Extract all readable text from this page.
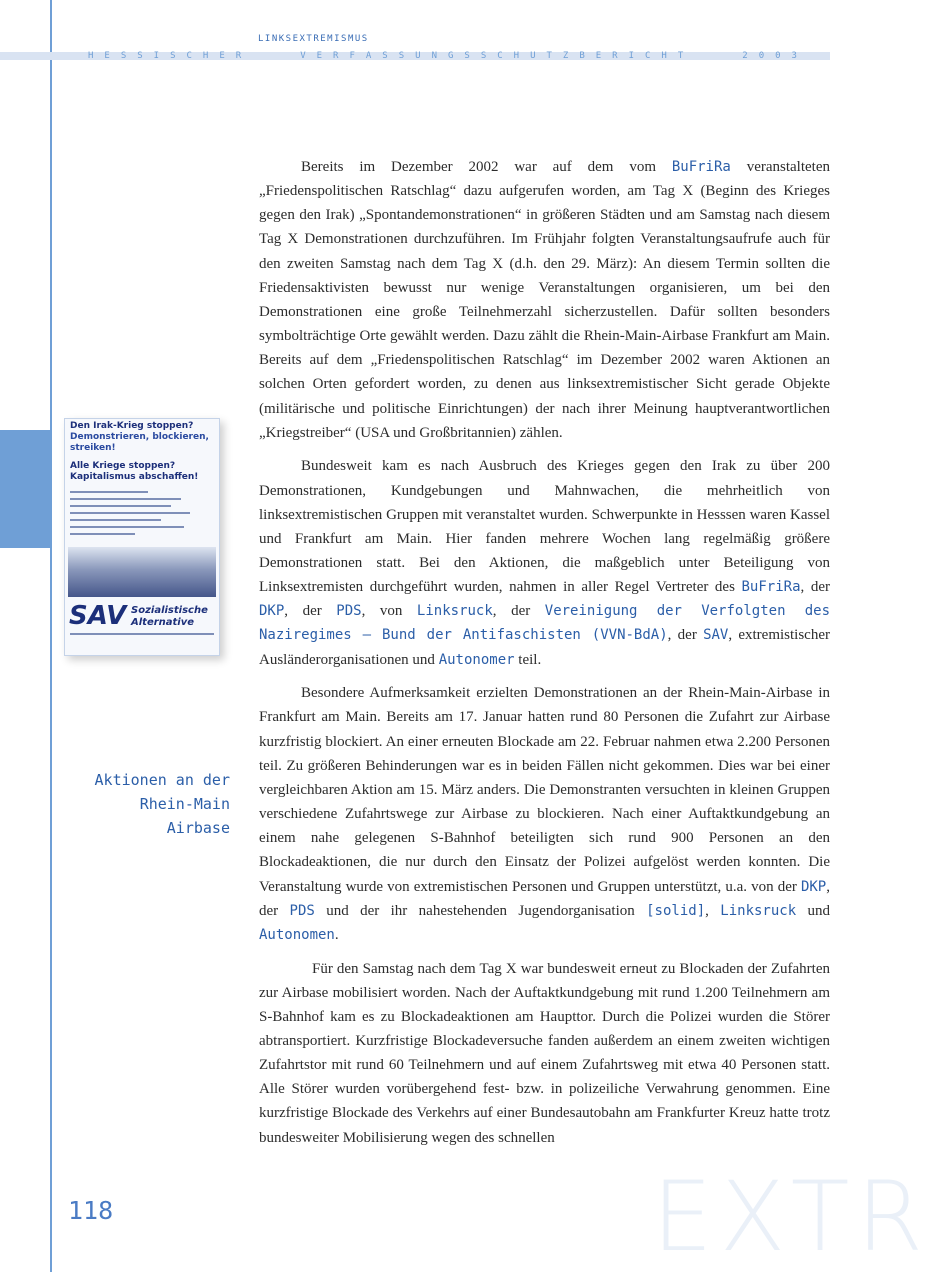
LINKSEXTREMISMUS
HESSISCHER	VERFASSUNGSSCHUTZBERICHT	2003
Den Irak-Krieg stoppen?
Demonstrieren, blockieren, streiken!
Alle Kriege stoppen? Kapitalismus abschaffen!
SAV Sozialistische Alternative
Aktionen an der Rhein-Main Airbase

Bereits im Dezember 2002 war auf dem vom BuFriRa veranstalteten „Friedenspolitischen Ratschlag“ dazu aufgerufen worden, am Tag X (Beginn des Krieges gegen den Irak) „Spontandemonstrationen“ in größeren Städten und am Samstag nach diesem Tag X Demonstrationen durchzuführen. Im Frühjahr folgten Veranstaltungsaufrufe auch für den zweiten Samstag nach dem Tag X (d.h. den 29. März): An diesem Termin sollten die Friedensaktivisten bewusst nur wenige Veranstaltungen organisieren, um bei den Demonstrationen eine große Teilnehmerzahl sicherzustellen. Dafür sollten besonders symbolträchtige Orte gewählt werden. Dazu zählt die Rhein-Main-Airbase Frankfurt am Main. Bereits auf dem „Friedenspolitischen Ratschlag“ im Dezember 2002 waren Aktionen an solchen Orten gefordert worden, zu denen aus linksextremistischer Sicht gerade Objekte (militärische und politische Einrichtungen) der nach ihrer Meinung hauptverantwortlichen „Kriegstreiber“ (USA und Großbritannien) zählen.

Bundesweit kam es nach Ausbruch des Krieges gegen den Irak zu über 200 Demonstrationen, Kundgebungen und Mahnwachen, die mehrheitlich von linksextremistischen Gruppen mit veranstaltet wurden. Schwerpunkte in Hesssen waren Kassel und Frankfurt am Main. Hier fanden mehrere Wochen lang regelmäßig größere Demonstrationen statt. Bei den Aktionen, die maßgeblich unter Beteiligung von Linksextremisten durchgeführt wurden, nahmen in aller Regel Vertreter des BuFriRa, der DKP, der PDS, von Linksruck, der Vereinigung der Verfolgten des Naziregimes – Bund der Antifaschisten (VVN-BdA), der SAV, extremistischer Ausländerorganisationen und Autonomer teil.

Besondere Aufmerksamkeit erzielten Demonstrationen an der Rhein-Main-Airbase in Frankfurt am Main. Bereits am 17. Januar hatten rund 80 Personen die Zufahrt zur Airbase kurzfristig blockiert. An einer erneuten Blockade am 22. Februar nahmen etwa 2.200 Personen teil. Zu größeren Behinderungen war es in beiden Fällen nicht gekommen. Dies war bei einer vergleichbaren Aktion am 15. März anders. Die Demonstranten versuchten in kleinen Gruppen verschiedene Zufahrtswege zur Airbase zu blockieren. Nach einer Auftaktkundgebung an einem nahe gelegenen S-Bahnhof beteiligten sich rund 900 Personen an den Blockadeaktionen, die nur durch den Einsatz der Polizei aufgelöst werden konnten. Die Veranstaltung wurde von extremistischen Personen und Gruppen unterstützt, u.a. von der DKP, der PDS und der ihr nahestehenden Jugendorganisation [solid], Linksruck und Autonomen.

Für den Samstag nach dem Tag X war bundesweit erneut zu Blockaden der Zufahrten zur Airbase mobilisiert worden. Nach der Auftaktkundgebung mit rund 1.200 Teilnehmern am S-Bahnhof kam es zu Blockadeaktionen am Haupttor. Durch die Polizei wurden die Störer abtransportiert. Kurzfristige Blockadeversuche fanden außerdem an einem zweiten wichtigen Zufahrtstor mit rund 60 Teilnehmern und auf einem Zufahrtsweg mit etwa 40 Personen statt. Alle Störer wurden vorübergehend fest- bzw. in polizeiliche Verwahrung genommen. Eine kurzfristige Blockade des Verkehrs auf einer Bundesautobahn am Frankfurter Kreuz hatte trotz bundesweiter Mobilisierung wegen des schnellen

118	EXTR
